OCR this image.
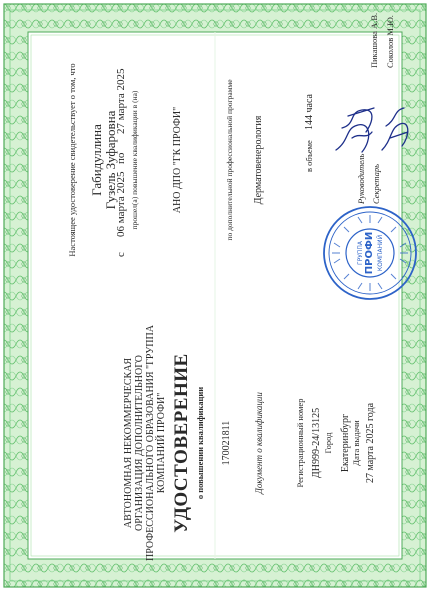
АВТОНОМНАЯ НЕКОММЕРЧЕСКАЯ ОРГАНИЗАЦИЯ ДОПОЛНИТЕЛЬНОГО ПРОФЕССИОНАЛЬНОГО ОБРАЗОВАНИЯ "ГРУППА КОМПАНИЙ ПРОФИ" УДОСТОВЕРЕНИЕ о повышении квалификации 170021811 Документ о квалификации	Регистрационный номер ДН999-24/13125 Город Екатеринбург Дата выдачи 27 марта 2025 года
Настоящее удостоверение свидетельствует о том, что Габидуллина Гузель Зуфаровна
с
06 марта 2025
по
27 марта 2025 прошел(а) повышение квалификации в (на)	АНО ДПО "ГК ПРОФИ"	по дополнительной профессиональной программе Дерматовенерология	в объеме
144 часа
Руководитель Секретарь
Пикашова А.В. Соколов М.Ю.
ПРОФИ
ГРУППА КОМПАНИЙ
